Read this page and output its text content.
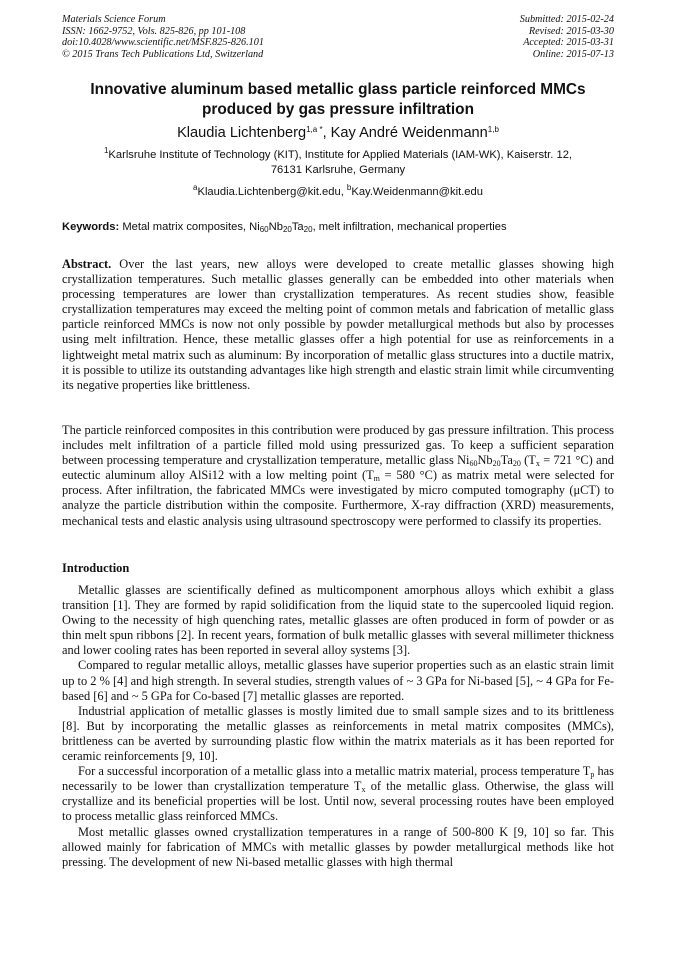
Materials Science Forum
ISSN: 1662-9752, Vols. 825-826, pp 101-108
doi:10.4028/www.scientific.net/MSF.825-826.101
© 2015 Trans Tech Publications Ltd, Switzerland
Submitted: 2015-02-24
Revised: 2015-03-30
Accepted: 2015-03-31
Online: 2015-07-13
Innovative aluminum based metallic glass particle reinforced MMCs
produced by gas pressure infiltration
Klaudia Lichtenberg$^{1,a *}$, Kay André Weidenmann$^{1,b}$
$^1$Karlsruhe Institute of Technology (KIT), Institute for Applied Materials (IAM-WK), Kaiserstr. 12,
76131 Karlsruhe, Germany
$^a$Klaudia.Lichtenberg@kit.edu, $^b$Kay.Weidenmann@kit.edu
Keywords: Metal matrix composites, $Ni_{60}Nb_{20}Ta_{20}$, melt infiltration, mechanical properties
Abstract. Over the last years, new alloys were developed to create metallic glasses showing high crystallization temperatures. Such metallic glasses generally can be embedded into other materials when processing temperatures are lower than crystallization temperatures. As recent studies show, feasible crystallization temperatures may exceed the melting point of common metals and fabrication of metallic glass particle reinforced MMCs is now not only possible by powder metallurgical methods but also by processes using melt infiltration. Hence, these metallic glasses offer a high potential for use as reinforcements in a lightweight metal matrix such as aluminum: By incorporation of metallic glass structures into a ductile matrix, it is possible to utilize its outstanding advantages like high strength and elastic strain limit while circumventing its negative properties like brittleness.
The particle reinforced composites in this contribution were produced by gas pressure infiltration. This process includes melt infiltration of a particle filled mold using pressurized gas. To keep a sufficient separation between processing temperature and crystallization temperature, metallic glass $Ni_{60}Nb_{20}Ta_{20}$ ($T_x = 721$ °C) and eutectic aluminum alloy AlSi12 with a low melting point ($T_m = 580$ °C) as matrix metal were selected for process. After infiltration, the fabricated MMCs were investigated by micro computed tomography (μCT) to analyze the particle distribution within the composite. Furthermore, X-ray diffraction (XRD) measurements, mechanical tests and elastic analysis using ultrasound spectroscopy were performed to classify its properties.
Introduction

Metallic glasses are scientifically defined as multicomponent amorphous alloys which exhibit a glass transition [1]. They are formed by rapid solidification from the liquid state to the supercooled liquid region. Owing to the necessity of high quenching rates, metallic glasses are often produced in form of powder or as thin melt spun ribbons [2]. In recent years, formation of bulk metallic glasses with several millimeter thickness and lower cooling rates has been reported in several alloy systems [3].

Compared to regular metallic alloys, metallic glasses have superior properties such as an elastic strain limit up to 2 % [4] and high strength. In several studies, strength values of ~ 3 GPa for Ni-based [5], ~ 4 GPa for Fe-based [6] and ~ 5 GPa for Co-based [7] metallic glasses are reported.

Industrial application of metallic glasses is mostly limited due to small sample sizes and to its brittleness [8]. But by incorporating the metallic glasses as reinforcements in metal matrix composites (MMCs), brittleness can be averted by surrounding plastic flow within the matrix materials as it has been reported for ceramic reinforcements [9, 10].

For a successful incorporation of a metallic glass into a metallic matrix material, process temperature $T_p$ has necessarily to be lower than crystallization temperature $T_x$ of the metallic glass. Otherwise, the glass will crystallize and its beneficial properties will be lost. Until now, several processing routes have been employed to process metallic glass reinforced MMCs.

Most metallic glasses owned crystallization temperatures in a range of 500-800 K [9, 10] so far. This allowed mainly for fabrication of MMCs with metallic glasses by powder metallurgical methods like hot pressing. The development of new Ni-based metallic glasses with high thermal
